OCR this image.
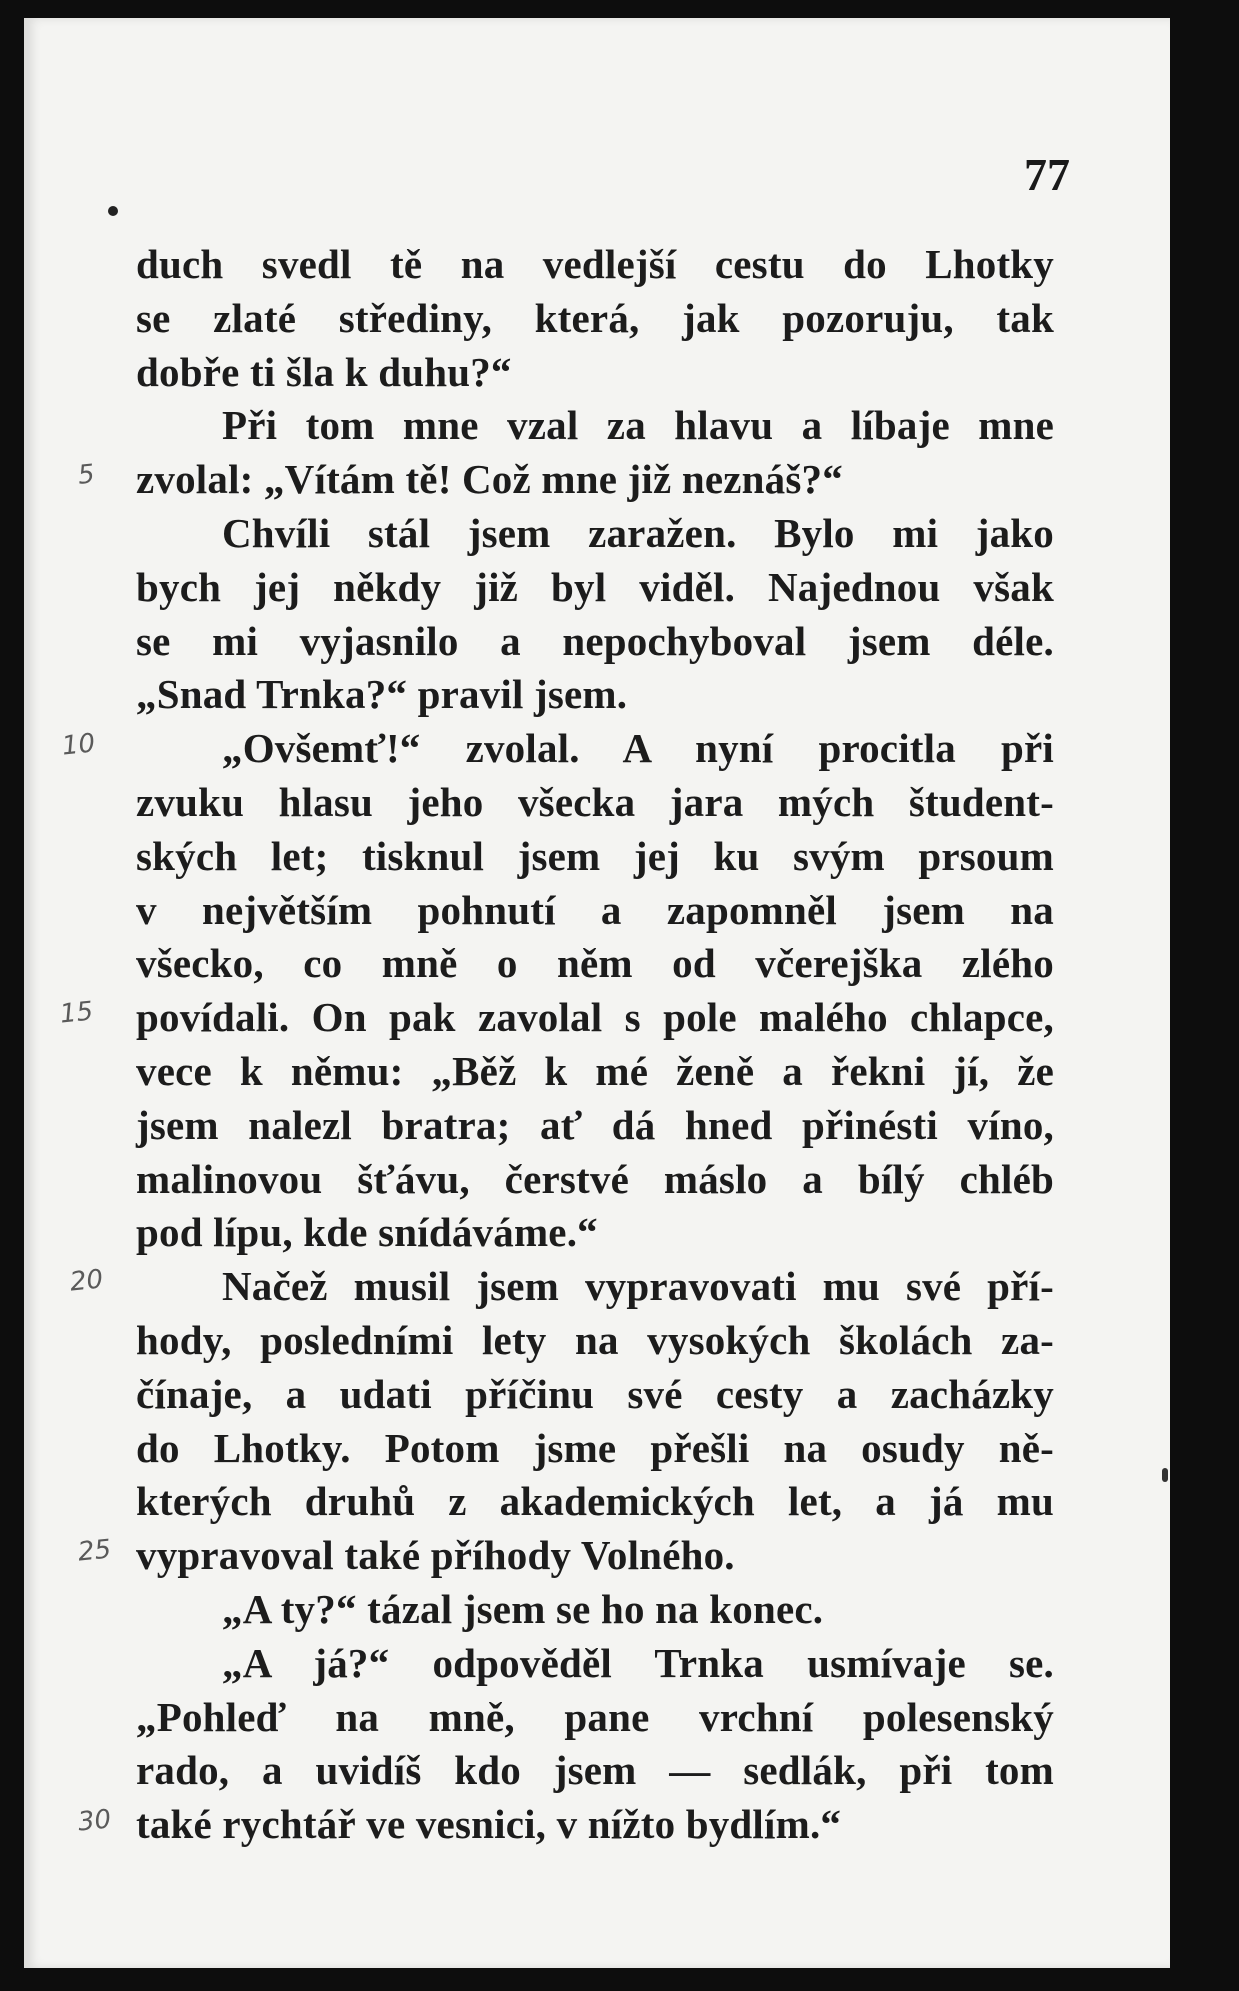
77
duch svedl tě na vedlejší cestu do Lhotky
se zlaté střediny, která, jak pozoruju, tak
dobře ti šla k duhu?“
Při tom mne vzal za hlavu a líbaje mne
zvolal: „Vítám tě! Což mne již neznáš?“
Chvíli stál jsem zaražen. Bylo mi jako
bych jej někdy již byl viděl. Najednou však
se mi vyjasnilo a nepochyboval jsem déle.
„Snad Trnka?“ pravil jsem.
„Ovšemť!“ zvolal. A nyní procitla při
zvuku hlasu jeho všecka jara mých študent-
ských let; tisknul jsem jej ku svým prsoum
v největším pohnutí a zapomněl jsem na
všecko, co mně o něm od včerejška zlého
povídali. On pak zavolal s pole malého chlapce,
vece k němu: „Běž k mé ženě a řekni jí, že
jsem nalezl bratra; ať dá hned přinésti víno,
malinovou šťávu, čerstvé máslo a bílý chléb
pod lípu, kde snídáváme.“
Načež musil jsem vypravovati mu své pří-
hody, posledními lety na vysokých školách za-
čínaje, a udati příčinu své cesty a zacházky
do Lhotky. Potom jsme přešli na osudy ně-
kterých druhů z akademických let, a já mu
vypravoval také příhody Volného.
„A ty?“ tázal jsem se ho na konec.
„A já?“ odpověděl Trnka usmívaje se.
„Pohleď na mně, pane vrchní polesenský
rado, a uvidíš kdo jsem — sedlák, při tom
také rychtář ve vesnici, v nížto bydlím.“
5
10
15
20
25
30
